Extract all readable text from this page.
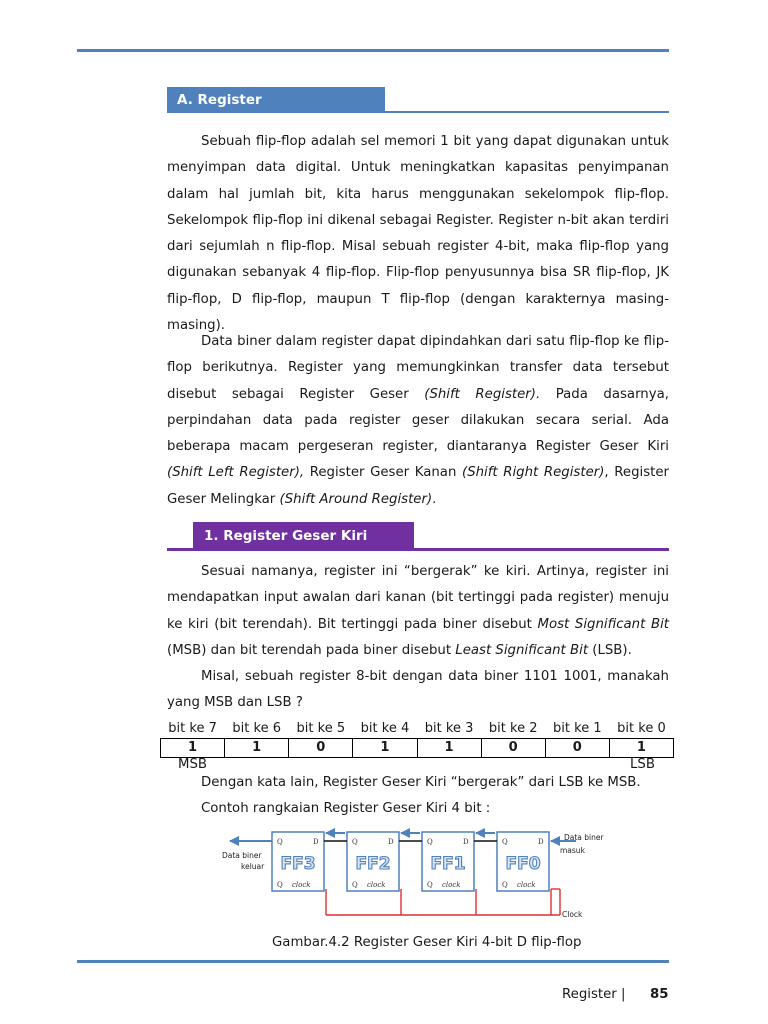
A. Register
Sebuah flip-flop adalah sel memori 1 bit yang dapat digunakan untuk menyimpan data digital. Untuk meningkatkan kapasitas penyimpanan dalam hal jumlah bit, kita harus menggunakan sekelompok flip-flop. Sekelompok flip-flop ini dikenal sebagai Register. Register n-bit akan terdiri dari sejumlah n flip-flop. Misal sebuah register 4-bit, maka flip-flop yang digunakan sebanyak 4 flip-flop. Flip-flop penyusunnya bisa SR flip-flop, JK flip-flop, D flip-flop, maupun T flip-flop (dengan karakternya masing-masing).
Data biner dalam register dapat dipindahkan dari satu flip-flop ke flip-flop berikutnya. Register yang memungkinkan transfer data tersebut disebut sebagai Register Geser (Shift Register). Pada dasarnya, perpindahan data pada register geser dilakukan secara serial. Ada beberapa macam pergeseran register, diantaranya Register Geser Kiri (Shift Left Register), Register Geser Kanan (Shift Right Register), Register Geser Melingkar (Shift Around Register).
1. Register Geser Kiri
Sesuai namanya, register ini “bergerak” ke kiri. Artinya, register ini mendapatkan input awalan dari kanan (bit tertinggi pada register) menuju ke kiri (bit terendah). Bit tertinggi pada biner disebut Most Significant Bit (MSB) dan bit terendah pada biner disebut Least Significant Bit (LSB).
Misal, sebuah register 8-bit dengan data biner 1101 1001, manakah yang MSB dan LSB ?
bit ke 7	bit ke 6	bit ke 5	bit ke 4	bit ke 3	bit ke 2	bit ke 1	bit ke 0
1	1	0	1	1	0	0	1
MSB	LSB
Dengan kata lain, Register Geser Kiri “bergerak” dari LSB ke MSB.
Contoh rangkaian Register Geser Kiri 4 bit :
Q	D
FF3
Q clock
Q	D
FF2
Q clock
Q	D
FF1
Q clock
Q	D
FF0
Q clock
Data biner
keluar
Data biner
masuk
Clock
Gambar.4.2 Register Geser Kiri 4-bit D flip-flop
Register | 85
